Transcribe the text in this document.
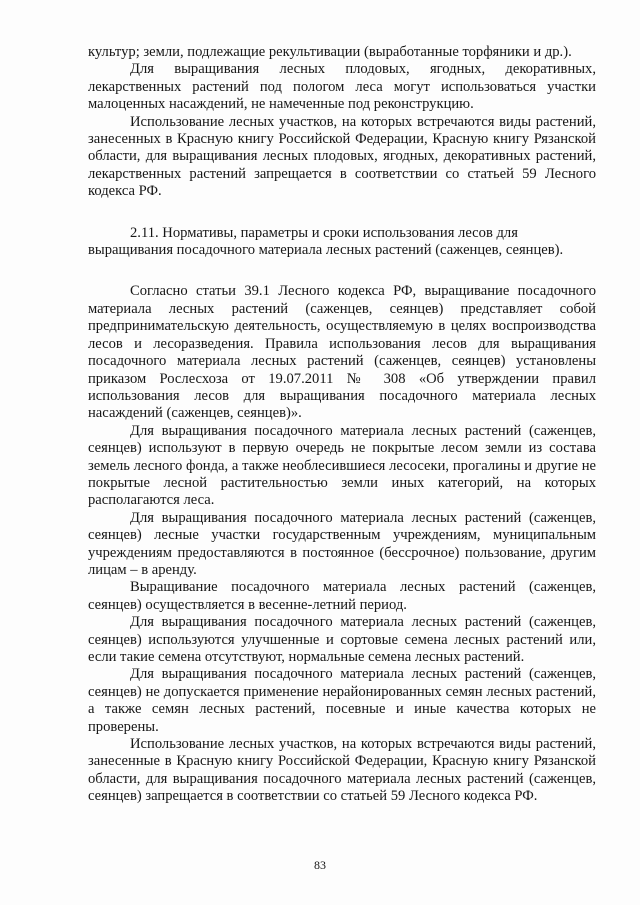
культур; земли, подлежащие рекультивации (выработанные торфяники и др.).

Для выращивания лесных плодовых, ягодных, декоративных, лекарственных растений под пологом леса могут использоваться участки малоценных насаждений, не намеченные под реконструкцию.

Использование лесных участков, на которых встречаются виды растений, занесенных в Красную книгу Российской Федерации, Красную книгу Рязанской области, для выращивания лесных плодовых, ягодных, декоративных растений, лекарственных растений запрещается в соответствии со статьей 59 Лесного кодекса РФ.

2.11. Нормативы, параметры и сроки использования лесов для выращивания посадочного материала лесных растений (саженцев, сеянцев).

Согласно статьи 39.1 Лесного кодекса РФ, выращивание посадочного материала лесных растений (саженцев, сеянцев) представляет собой предпринимательскую деятельность, осуществляемую в целях воспроизводства лесов и лесоразведения. Правила использования лесов для выращивания посадочного материала лесных растений (саженцев, сеянцев) установлены приказом Рослесхоза от 19.07.2011 № 308 «Об утверждении правил использования лесов для выращивания посадочного материала лесных насаждений (саженцев, сеянцев)».

Для выращивания посадочного материала лесных растений (саженцев, сеянцев) используют в первую очередь не покрытые лесом земли из состава земель лесного фонда, а также необлесившиеся лесосеки, прогалины и другие не покрытые лесной растительностью земли иных категорий, на которых располагаются леса.

Для выращивания посадочного материала лесных растений (саженцев, сеянцев) лесные участки государственным учреждениям, муниципальным учреждениям предоставляются в постоянное (бессрочное) пользование, другим лицам – в аренду.

Выращивание посадочного материала лесных растений (саженцев, сеянцев) осуществляется в весенне-летний период.

Для выращивания посадочного материала лесных растений (саженцев, сеянцев) используются улучшенные и сортовые семена лесных растений или, если такие семена отсутствуют, нормальные семена лесных растений.

Для выращивания посадочного материала лесных растений (саженцев, сеянцев) не допускается применение нерайонированных семян лесных растений, а также семян лесных растений, посевные и иные качества которых не проверены.

Использование лесных участков, на которых встречаются виды растений, занесенные в Красную книгу Российской Федерации, Красную книгу Рязанской области, для выращивания посадочного материала лесных растений (саженцев, сеянцев) запрещается в соответствии со статьей 59 Лесного кодекса РФ.

83
